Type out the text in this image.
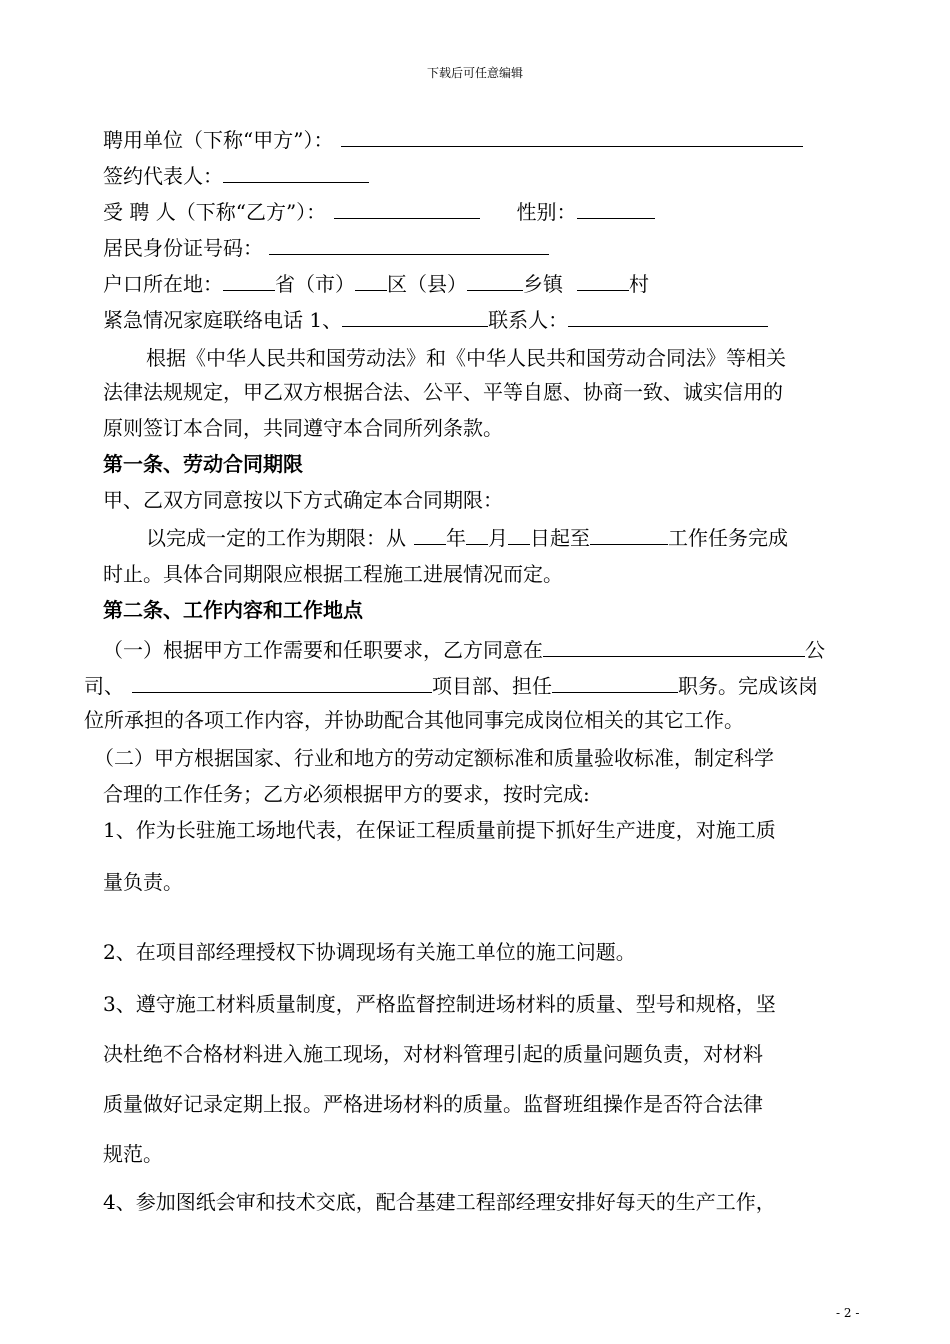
下载后可任意编辑
聘用单位（下称“甲方”）：
签约代表人：
受 聘 人（下称“乙方”）：	性别：
居民身份证号码：
户口所在地：	省（市） 区（县）	乡镇	村
紧急情况家庭联络电话 1、	联系人：
根据《中华人民共和国劳动法》和《中华人民共和国劳动合同法》等相关
法律法规规定，甲乙双方根据合法、公平、平等自愿、协商一致、诚实信用的
原则签订本合同，共同遵守本合同所列条款。
第一条、劳动合同期限
甲、乙双方同意按以下方式确定本合同期限：
以完成一定的工作为期限：从 年 月 日起至	工作任务完成
时止。具体合同期限应根据工程施工进展情况而定。
第二条、工作内容和工作地点
（一）根据甲方工作需要和任职要求，乙方同意在	公
司、	项目部、担任	职务。完成该岗
位所承担的各项工作内容，并协助配合其他同事完成岗位相关的其它工作。
（二）甲方根据国家、行业和地方的劳动定额标准和质量验收标准，制定科学
合理的工作任务；乙方必须根据甲方的要求，按时完成:
1、作为长驻施工场地代表，在保证工程质量前提下抓好生产进度，对施工质
量负责。
2、在项目部经理授权下协调现场有关施工单位的施工问题。
3、遵守施工材料质量制度，严格监督控制进场材料的质量、型号和规格，坚
决杜绝不合格材料进入施工现场，对材料管理引起的质量问题负责，对材料
质量做好记录定期上报。严格进场材料的质量。监督班组操作是否符合法律
规范。
4、参加图纸会审和技术交底，配合基建工程部经理安排好每天的生产工作，
- 2 -
